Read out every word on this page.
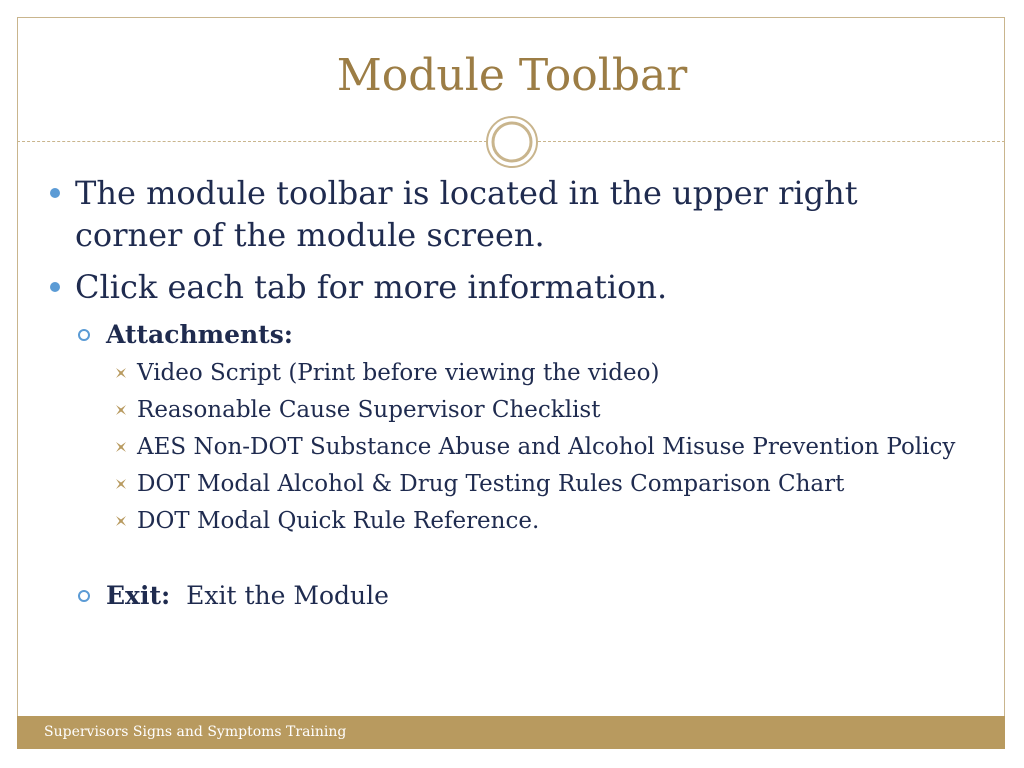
Module Toolbar
The module toolbar is located in the upper right corner of the module screen.
Click each tab for more information.
Attachments:
Video Script (Print before viewing the video)
Reasonable Cause Supervisor Checklist
AES Non-DOT Substance Abuse and Alcohol Misuse Prevention Policy
DOT Modal Alcohol & Drug Testing Rules Comparison Chart
DOT Modal Quick Rule Reference.
Exit: Exit the Module
Supervisors Signs and Symptoms Training
